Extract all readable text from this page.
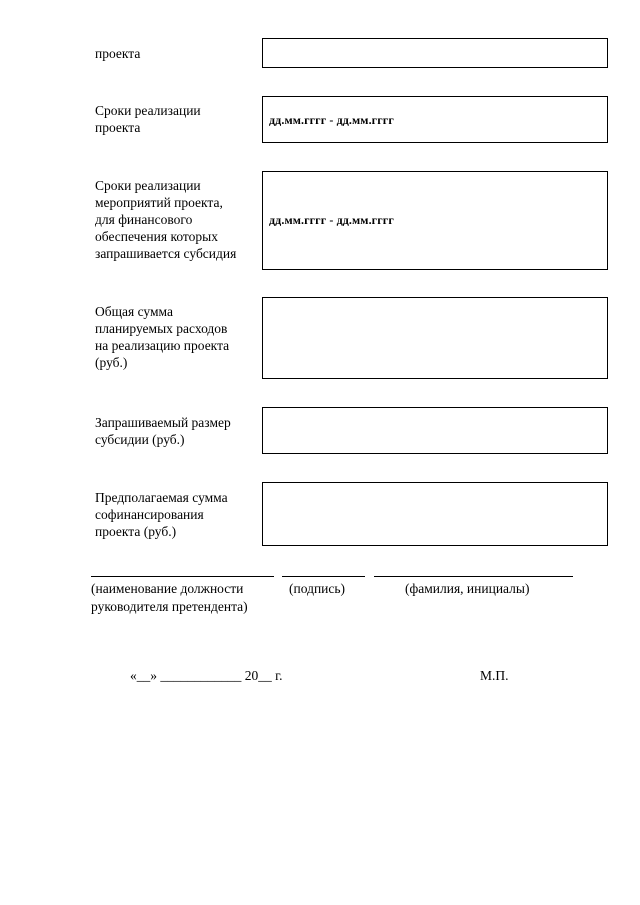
проекта
Сроки реализации
проекта	дд.мм.гггг - дд.мм.гггг
Сроки реализации
мероприятий проекта,
для финансового
обеспечения которых
запрашивается субсидия
дд.мм.гггг - дд.мм.гггг
Общая сумма
планируемых расходов
на реализацию проекта
(руб.)
Запрашиваемый размер
субсидии (руб.)
Предполагаемая сумма
софинансирования
проекта (руб.)
(наименование должности
руководителя претендента)
(подпись)	(фамилия, инициалы)
«__» ____________ 20__ г.	М.П.
